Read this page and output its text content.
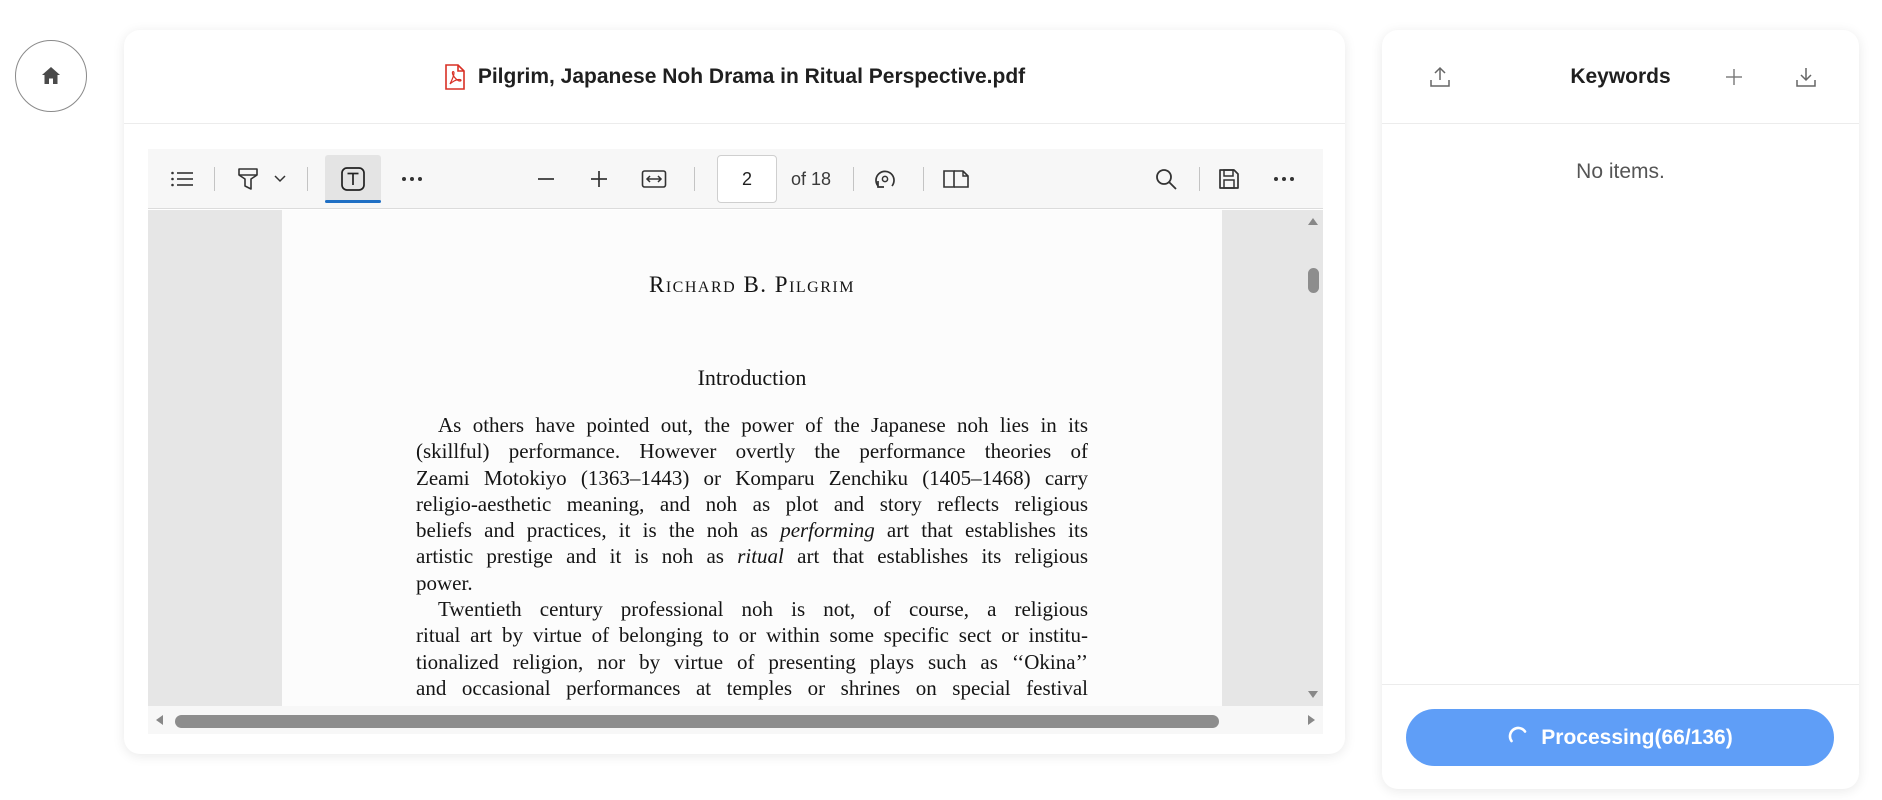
Pilgrim, Japanese Noh Drama in Ritual Perspective.pdf
2
of 18
Richard B. Pilgrim
Introduction
As others have pointed out, the power of the Japanese noh lies in its
(skillful) performance. However overtly the performance theories of
Zeami Motokiyo (1363–1443) or Komparu Zenchiku (1405–1468) carry
religio-aesthetic meaning, and noh as plot and story reflects religious
beliefs and practices, it is the noh as performing art that establishes its
artistic prestige and it is noh as ritual art that establishes its religious
power.
Twentieth century professional noh is not, of course, a religious
ritual art by virtue of belonging to or within some specific sect or institu-
tionalized religion, nor by virtue of presenting plays such as ‘‘Okina’’
and occasional performances at temples or shrines on special festival
Keywords
No items.
Processing(66/136)
